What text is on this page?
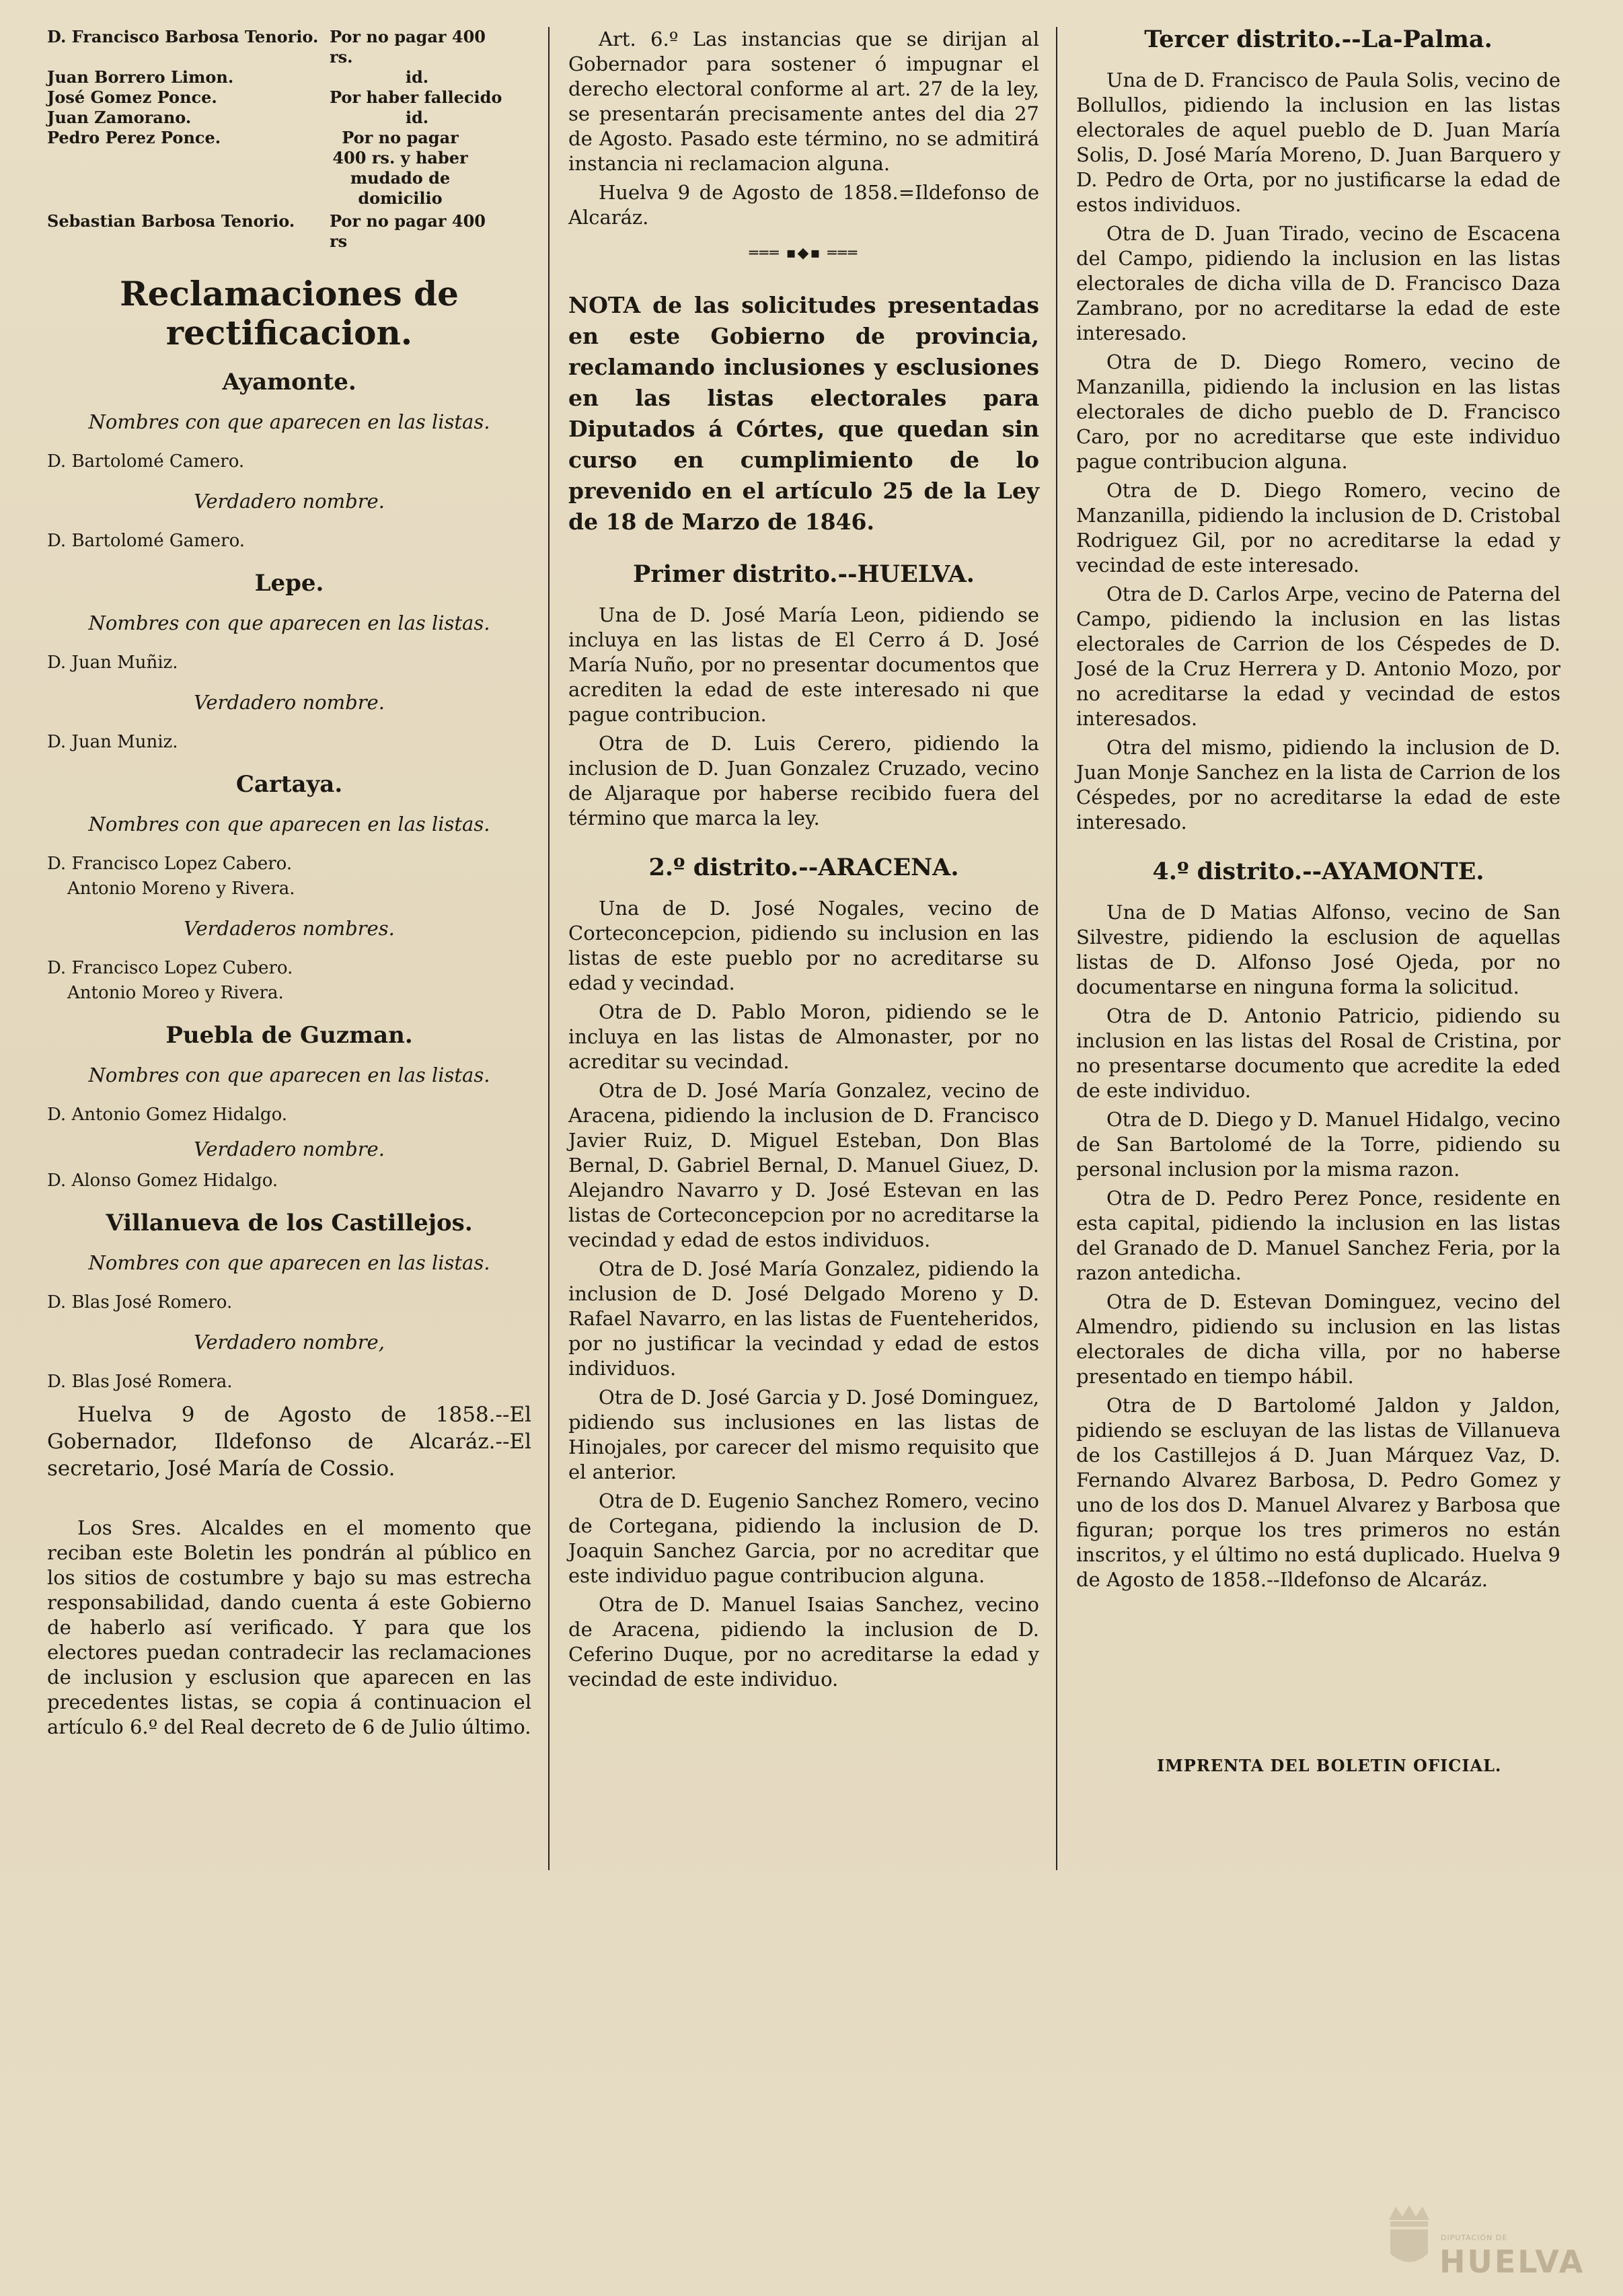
D. Francisco Barbosa Tenorio. Por no pagar 400 rs.
Juan Borrero Limon.	id.
José Gomez Ponce.	Por haber fallecido
Juan Zamorano.	id.
Pedro Perez Ponce.	Por no pagar 400 rs. y haber mudado de domicilio
Sebastian Barbosa Tenorio.	Por no pagar 400 rs
Reclamaciones de rectificacion.
Ayamonte.
Nombres con que aparecen en las listas.
D. Bartolomé Camero.
Verdadero nombre.
D. Bartolomé Gamero.
Lepe.
Nombres con que aparecen en las listas.
D. Juan Muñiz.
Verdadero nombre.
D. Juan Muniz.
Cartaya.
Nombres con que aparecen en las listas.
D. Francisco Lopez Cabero.
Antonio Moreno y Rivera.
Verdaderos nombres.
D. Francisco Lopez Cubero.
Antonio Moreo y Rivera.
Puebla de Guzman.
Nombres con que aparecen en las listas.
D. Antonio Gomez Hidalgo.
Verdadero nombre.
D. Alonso Gomez Hidalgo.
Villanueva de los Castillejos.
Nombres con que aparecen en las listas.
D. Blas José Romero.
Verdadero nombre,
D. Blas José Romera.

Huelva 9 de Agosto de 1858.--El Gobernador, Ildefonso de Alcaráz.--El secretario, José María de Cossio.

Los Sres. Alcaldes en el momento que reciban este Boletin les pondrán al público en los sitios de costumbre y bajo su mas estrecha responsabilidad, dando cuenta á este Gobierno de haberlo así verificado. Y para que los electores puedan contradecir las reclamaciones de inclusion y esclusion que aparecen en las precedentes listas, se copia á continuacion el artículo 6.º del Real decreto de 6 de Julio último.

Art. 6.º Las instancias que se dirijan al Gobernador para sostener ó impugnar el derecho electoral conforme al art. 27 de la ley, se presentarán precisamente antes del dia 27 de Agosto. Pasado este término, no se admitirá instancia ni reclamacion alguna.

Huelva 9 de Agosto de 1858.=Ildefonso de Alcaráz.

═══ ▪◆▪ ═══

NOTA de las solicitudes presentadas en este Gobierno de provincia, reclamando inclusiones y esclusiones en las listas electorales para Diputados á Córtes, que quedan sin curso en cumplimiento de lo prevenido en el artículo 25 de la Ley de 18 de Marzo de 1846.

Primer distrito.--HUELVA.

Una de D. José María Leon, pidiendo se incluya en las listas de El Cerro á D. José María Nuño, por no presentar documentos que acrediten la edad de este interesado ni que pague contribucion.

Otra de D. Luis Cerero, pidiendo la inclusion de D. Juan Gonzalez Cruzado, vecino de Aljaraque por haberse recibido fuera del término que marca la ley.

2.º distrito.--ARACENA.

Una de D. José Nogales, vecino de Corteconcepcion, pidiendo su inclusion en las listas de este pueblo por no acreditarse su edad y vecindad.

Otra de D. Pablo Moron, pidiendo se le incluya en las listas de Almonaster, por no acreditar su vecindad.

Otra de D. José María Gonzalez, vecino de Aracena, pidiendo la inclusion de D. Francisco Javier Ruiz, D. Miguel Esteban, Don Blas Bernal, D. Gabriel Bernal, D. Manuel Giuez, D. Alejandro Navarro y D. José Estevan en las listas de Corteconcepcion por no acreditarse la vecindad y edad de estos individuos.

Otra de D. José María Gonzalez, pidiendo la inclusion de D. José Delgado Moreno y D. Rafael Navarro, en las listas de Fuenteheridos, por no justificar la vecindad y edad de estos individuos.

Otra de D. José Garcia y D. José Dominguez, pidiendo sus inclusiones en las listas de Hinojales, por carecer del mismo requisito que el anterior.

Otra de D. Eugenio Sanchez Romero, vecino de Cortegana, pidiendo la inclusion de D. Joaquin Sanchez Garcia, por no acreditar que este individuo pague contribucion alguna.

Otra de D. Manuel Isaias Sanchez, vecino de Aracena, pidiendo la inclusion de D. Ceferino Duque, por no acreditarse la edad y vecindad de este individuo.

Tercer distrito.--La-Palma.

Una de D. Francisco de Paula Solis, vecino de Bollullos, pidiendo la inclusion en las listas electorales de aquel pueblo de D. Juan María Solis, D. José María Moreno, D. Juan Barquero y D. Pedro de Orta, por no justificarse la edad de estos individuos.

Otra de D. Juan Tirado, vecino de Escacena del Campo, pidiendo la inclusion en las listas electorales de dicha villa de D. Francisco Daza Zambrano, por no acreditarse la edad de este interesado.

Otra de D. Diego Romero, vecino de Manzanilla, pidiendo la inclusion en las listas electorales de dicho pueblo de D. Francisco Caro, por no acreditarse que este individuo pague contribucion alguna.

Otra de D. Diego Romero, vecino de Manzanilla, pidiendo la inclusion de D. Cristobal Rodriguez Gil, por no acreditarse la edad y vecindad de este interesado.

Otra de D. Carlos Arpe, vecino de Paterna del Campo, pidiendo la inclusion en las listas electorales de Carrion de los Céspedes de D. José de la Cruz Herrera y D. Antonio Mozo, por no acreditarse la edad y vecindad de estos interesados.

Otra del mismo, pidiendo la inclusion de D. Juan Monje Sanchez en la lista de Carrion de los Céspedes, por no acreditarse la edad de este interesado.

4.º distrito.--AYAMONTE.

Una de D Matias Alfonso, vecino de San Silvestre, pidiendo la esclusion de aquellas listas de D. Alfonso José Ojeda, por no documentarse en ninguna forma la solicitud.

Otra de D. Antonio Patricio, pidiendo su inclusion en las listas del Rosal de Cristina, por no presentarse documento que acredite la eded de este individuo.

Otra de D. Diego y D. Manuel Hidalgo, vecino de San Bartolomé de la Torre, pidiendo su personal inclusion por la misma razon.

Otra de D. Pedro Perez Ponce, residente en esta capital, pidiendo la inclusion en las listas del Granado de D. Manuel Sanchez Feria, por la razon antedicha.

Otra de D. Estevan Dominguez, vecino del Almendro, pidiendo su inclusion en las listas electorales de dicha villa, por no haberse presentado en tiempo hábil.

Otra de D Bartolomé Jaldon y Jaldon, pidiendo se escluyan de las listas de Villanueva de los Castillejos á D. Juan Márquez Vaz, D. Fernando Alvarez Barbosa, D. Pedro Gomez y uno de los dos D. Manuel Alvarez y Barbosa que figuran; porque los tres primeros no están inscritos, y el último no está duplicado. Huelva 9 de Agosto de 1858.--Ildefonso de Alcaráz.

IMPRENTA DEL BOLETIN OFICIAL.
DIPUTACIÓN DE
HUELVA
